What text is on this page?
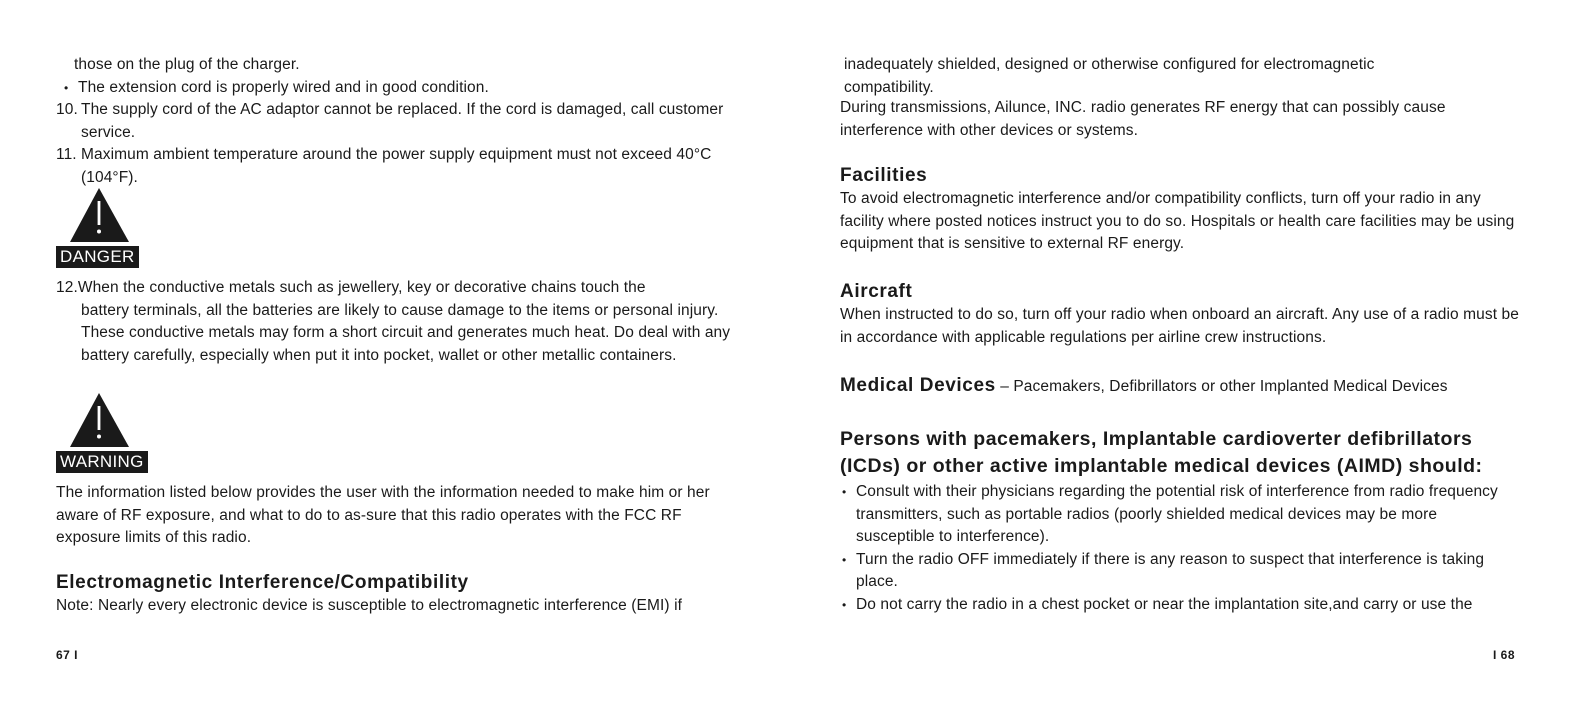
those on the plug of the charger.

• The extension cord is properly wired and in good condition.

10. The supply cord of the AC adaptor cannot be replaced. If the cord is damaged, call customer service.
11. Maximum ambient temperature around the power supply equipment must not exceed 40°C (104°F).
DANGER

12.When the conductive metals such as jewellery, key or decorative chains touch the

battery terminals, all the batteries are likely to cause damage to the items or personal injury. These conductive metals may form a short circuit and generates much heat. Do deal with any battery carefully, especially when put it into pocket, wallet or other metallic containers.

WARNING

The information listed below provides the user with the information needed to make him or her aware of RF exposure, and what to do to as-sure that this radio operates with the FCC RF exposure limits of this radio.

Electromagnetic Interference/Compatibility

Note: Nearly every electronic device is susceptible to electromagnetic interference (EMI) if

67 I

inadequately shielded, designed or otherwise configured for electromagnetic compatibility.

During transmissions, Ailunce, INC. radio generates RF energy that can possibly cause interference with other devices or systems.

Facilities

To avoid electromagnetic interference and/or compatibility conflicts, turn off your radio in any facility where posted notices instruct you to do so. Hospitals or health care facilities may be using equipment that is sensitive to external RF energy.

Aircraft

When instructed to do so, turn off your radio when onboard an aircraft. Any use of a radio must be in accordance with applicable regulations per airline crew instructions.

Medical Devices – Pacemakers, Defibrillators or other Implanted Medical Devices

Persons with pacemakers, Implantable cardioverter defibrillators (ICDs) or other active implantable medical devices (AIMD) should:

• Consult with their physicians regarding the potential risk of interference from radio frequency transmitters, such as portable radios (poorly shielded medical devices may be more susceptible to interference).

• Turn the radio OFF immediately if there is any reason to suspect that interference is taking place.

• Do not carry the radio in a chest pocket or near the implantation site,and carry or use the

I 68
